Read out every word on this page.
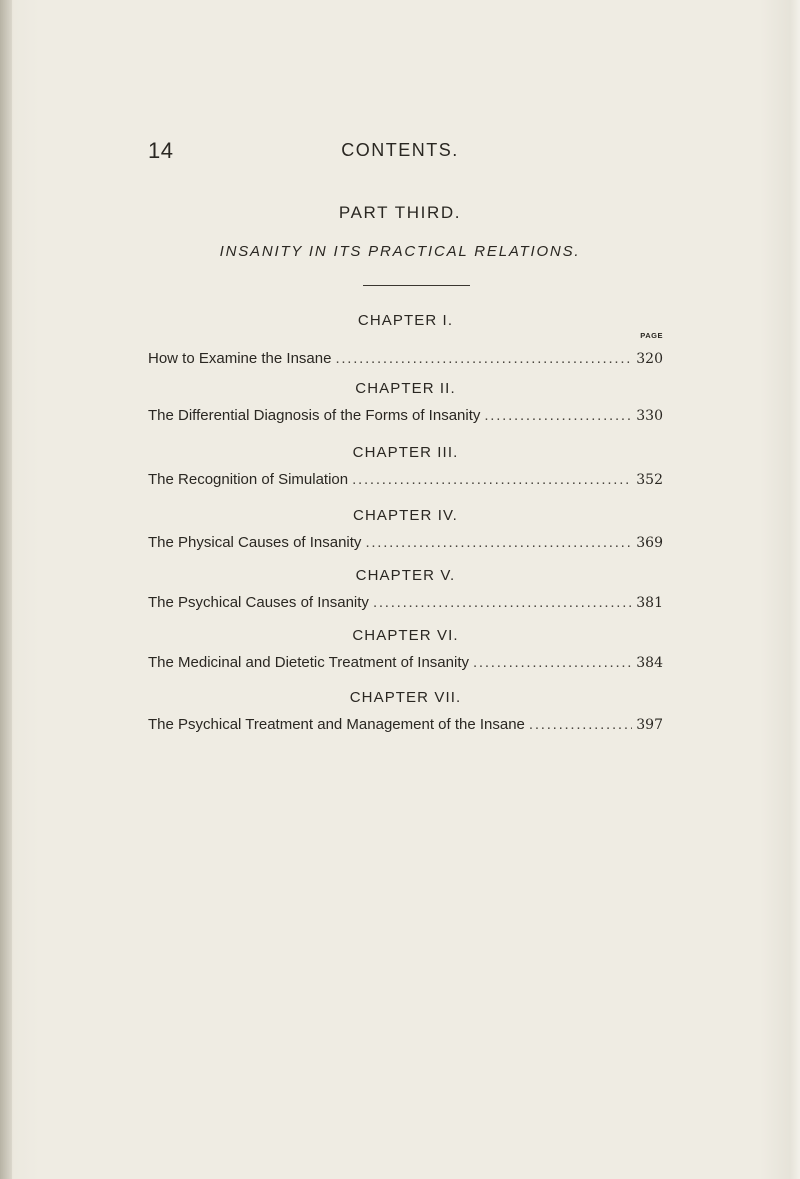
14	CONTENTS.
PART THIRD.
INSANITY IN ITS PRACTICAL RELATIONS.
PAGE
CHAPTER I.
How to Examine the Insane . . .	320
CHAPTER II.
The Differential Diagnosis of the Forms of Insanity . . .	330
CHAPTER III.
The Recognition of Simulation . . .	352
CHAPTER IV.
The Physical Causes of Insanity . . .	369
CHAPTER V.
The Psychical Causes of Insanity . . .	381
CHAPTER VI.
The Medicinal and Dietetic Treatment of Insanity . . .	384
CHAPTER VII.
The Psychical Treatment and Management of the Insane . . .	397
